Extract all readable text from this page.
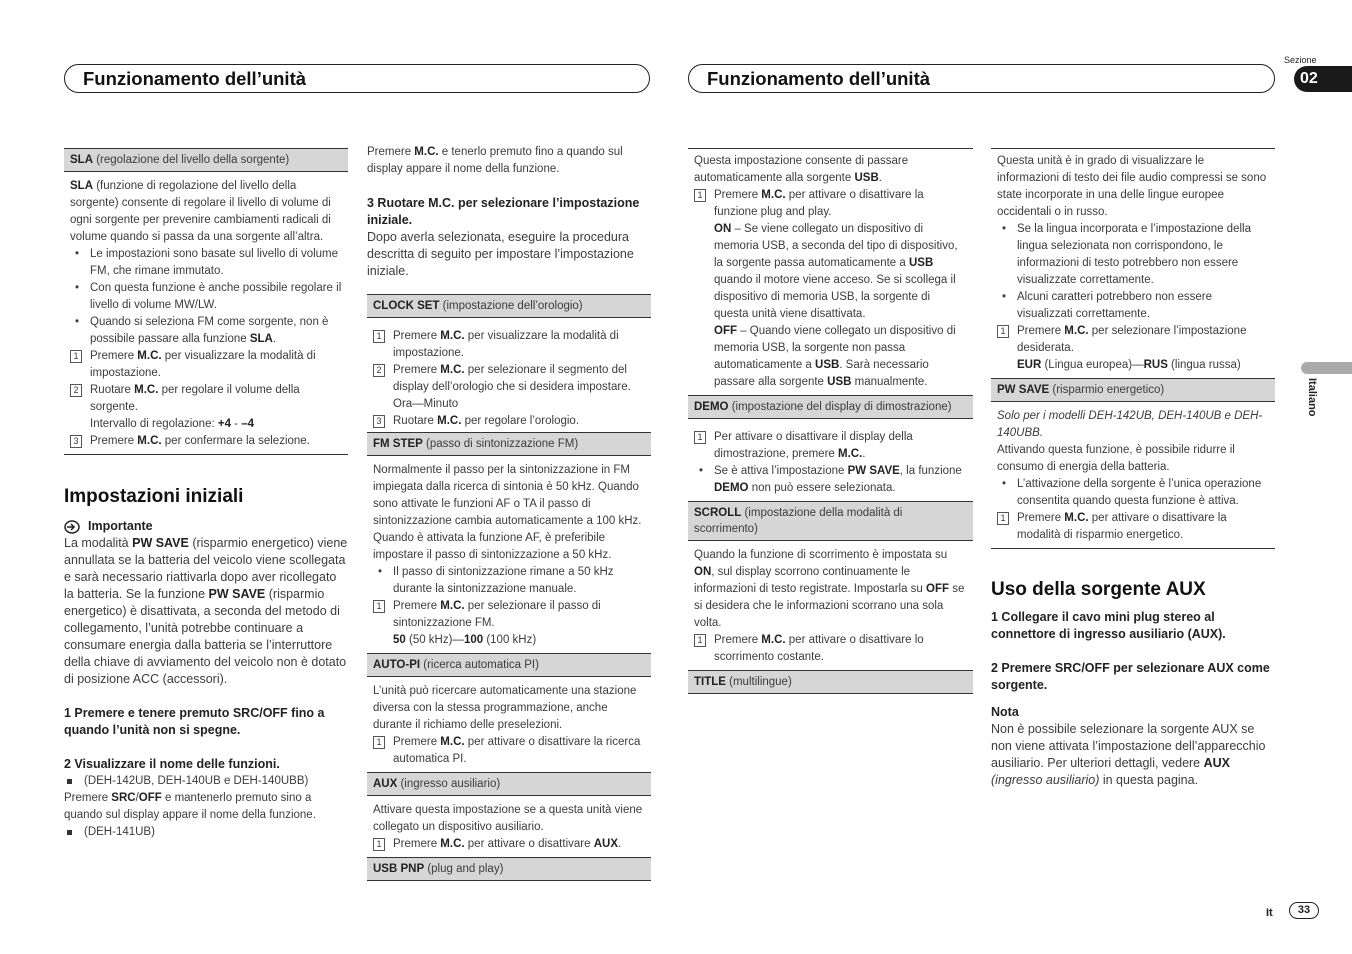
Funzionamento dell’unità	Funzionamento dell’unità
Sezione
02
Italiano
SLA (regolazione del livello della sorgente)

SLA (funzione di regolazione del livello della sorgente) consente di regolare il livello di volume di ogni sorgente per prevenire cambiamenti radicali di volume quando si passa da una sorgente all’altra.

• Le impostazioni sono basate sul livello di volume FM, che rimane immutato.

• Con questa funzione è anche possibile regolare il livello di volume MW/LW.

• Quando si seleziona FM come sorgente, non è possibile passare alla funzione SLA.

1	Premere M.C. per visualizzare la modalità di impostazione.

2	Ruotare M.C. per regolare il volume della sorgente.
Intervallo di regolazione: +4 - –4

3	Premere M.C. per confermare la selezione.

Impostazioni iniziali
Importante

La modalità PW SAVE (risparmio energetico) viene annullata se la batteria del veicolo viene scollegata e sarà necessario riattivarla dopo aver ricollegato la batteria. Se la funzione PW SAVE (risparmio energetico) è disattivata, a seconda del metodo di collegamento, l’unità potrebbe continuare a consumare energia dalla batteria se l’interruttore della chiave di avviamento del veicolo non è dotato di posizione ACC (accessori).

1 Premere e tenere premuto SRC/OFF fino a quando l’unità non si spegne.

2 Visualizzare il nome delle funzioni.

(DEH-142UB, DEH-140UB e DEH-140UBB)

Premere SRC/OFF e mantenerlo premuto sino a quando sul display appare il nome della funzione.

(DEH-141UB)

Premere M.C. e tenerlo premuto fino a quando sul display appare il nome della funzione.

3 Ruotare M.C. per selezionare l’impostazione iniziale.

Dopo averla selezionata, eseguire la procedura descritta di seguito per impostare l’impostazione iniziale.

CLOCK SET (impostazione dell’orologio)

1	Premere M.C. per visualizzare la modalità di impostazione.

2	Premere M.C. per selezionare il segmento del display dell’orologio che si desidera impostare.
Ora—Minuto

3	Ruotare M.C. per regolare l’orologio.

FM STEP (passo di sintonizzazione FM)

Normalmente il passo per la sintonizzazione in FM impiegata dalla ricerca di sintonia è 50 kHz. Quando sono attivate le funzioni AF o TA il passo di sintonizzazione cambia automaticamente a 100 kHz. Quando è attivata la funzione AF, è preferibile impostare il passo di sintonizzazione a 50 kHz.

• Il passo di sintonizzazione rimane a 50 kHz durante la sintonizzazione manuale.

1	Premere M.C. per selezionare il passo di sintonizzazione FM.
50 (50 kHz)—100 (100 kHz)

AUTO-PI (ricerca automatica PI)

L’unità può ricercare automaticamente una stazione diversa con la stessa programmazione, anche durante il richiamo delle preselezioni.

1	Premere M.C. per attivare o disattivare la ricerca automatica PI.

AUX (ingresso ausiliario)

Attivare questa impostazione se a questa unità viene collegato un dispositivo ausiliario.

1	Premere M.C. per attivare o disattivare AUX.

USB PNP (plug and play)

Questa impostazione consente di passare automaticamente alla sorgente USB.

1	Premere M.C. per attivare o disattivare la funzione plug and play.

ON – Se viene collegato un dispositivo di memoria USB, a seconda del tipo di dispositivo, la sorgente passa automaticamente a USB quando il motore viene acceso. Se si scollega il dispositivo di memoria USB, la sorgente di questa unità viene disattivata.

OFF – Quando viene collegato un dispositivo di memoria USB, la sorgente non passa automaticamente a USB. Sarà necessario passare alla sorgente USB manualmente.

DEMO (impostazione del display di dimostrazione)

1	Per attivare o disattivare il display della dimostrazione, premere M.C..

• Se è attiva l’impostazione PW SAVE, la funzione DEMO non può essere selezionata.

SCROLL (impostazione della modalità di scorrimento)

Quando la funzione di scorrimento è impostata su ON, sul display scorrono continuamente le informazioni di testo registrate. Impostarla su OFF se si desidera che le informazioni scorrano una sola volta.

1	Premere M.C. per attivare o disattivare lo scorrimento costante.

TITLE (multilingue)

Questa unità è in grado di visualizzare le informazioni di testo dei file audio compressi se sono state incorporate in una delle lingue europee occidentali o in russo.

• Se la lingua incorporata e l’impostazione della lingua selezionata non corrispondono, le informazioni di testo potrebbero non essere visualizzate correttamente.

• Alcuni caratteri potrebbero non essere visualizzati correttamente.

1	Premere M.C. per selezionare l’impostazione desiderata.
EUR (Lingua europea)—RUS (lingua russa)

PW SAVE (risparmio energetico)

Solo per i modelli DEH-142UB, DEH-140UB e DEH-140UBB.

Attivando questa funzione, è possibile ridurre il consumo di energia della batteria.

• L’attivazione della sorgente è l’unica operazione consentita quando questa funzione è attiva.

1	Premere M.C. per attivare o disattivare la modalità di risparmio energetico.

Uso della sorgente AUX

1 Collegare il cavo mini plug stereo al connettore di ingresso ausiliario (AUX).

2 Premere SRC/OFF per selezionare AUX come sorgente.

Nota

Non è possibile selezionare la sorgente AUX se non viene attivata l’impostazione dell’apparecchio ausiliario. Per ulteriori dettagli, vedere AUX (ingresso ausiliario) in questa pagina.

It	33
